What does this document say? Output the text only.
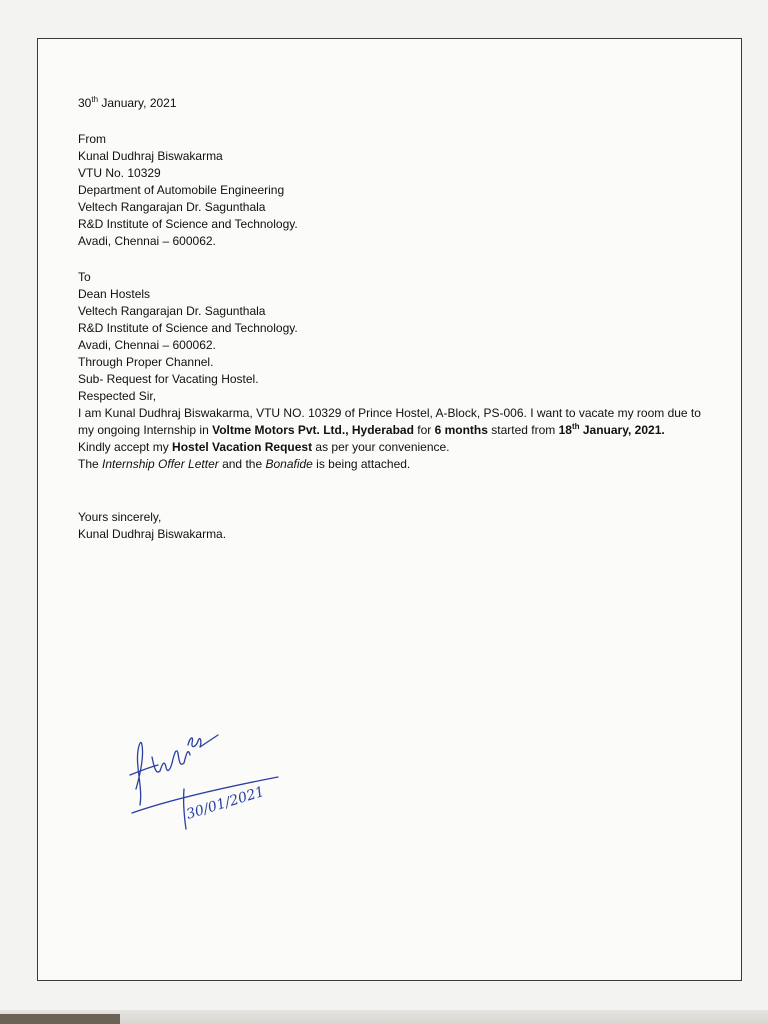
30th January, 2021

From
Kunal Dudhraj Biswakarma
VTU No. 10329
Department of Automobile Engineering
Veltech Rangarajan Dr. Sagunthala
R&D Institute of Science and Technology.
Avadi, Chennai – 600062.
To
Dean Hostels
Veltech Rangarajan Dr. Sagunthala
R&D Institute of Science and Technology.
Avadi, Chennai – 600062.

Through Proper Channel.

Sub- Request for Vacating Hostel.

Respected Sir,

I am Kunal Dudhraj Biswakarma, VTU NO. 10329 of Prince Hostel, A-Block, PS-006. I want to vacate my room due to my ongoing Internship in Voltme Motors Pvt. Ltd., Hyderabad for 6 months started from 18th January, 2021.

Kindly accept my Hostel Vacation Request as per your convenience.

The Internship Offer Letter and the Bonafide is being attached.

Yours sincerely,
Kunal Dudhraj Biswakarma.
30/01/2021
